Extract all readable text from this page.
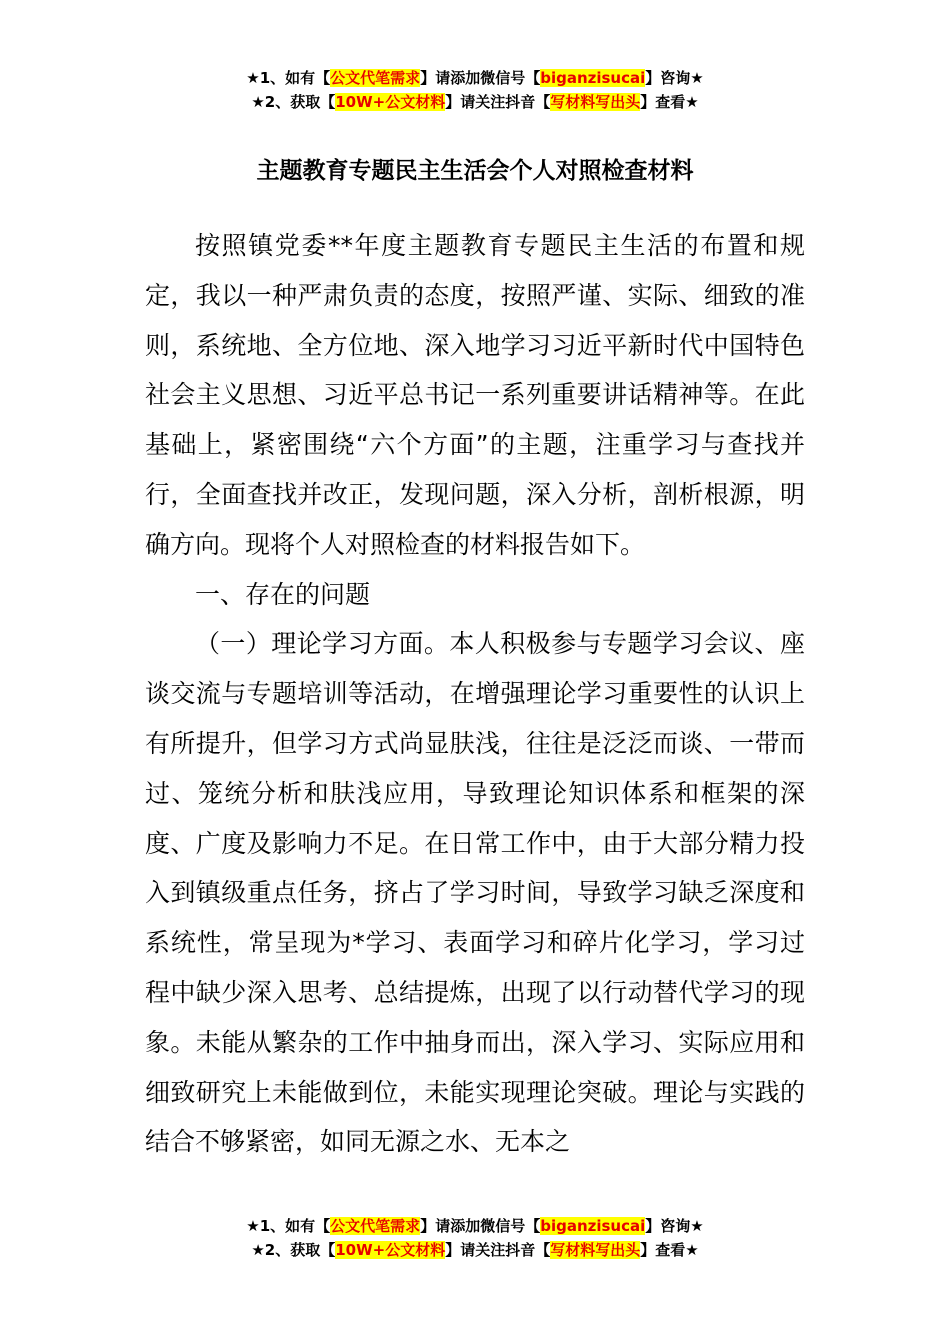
★1、如有【公文代笔需求】请添加微信号【biganzisucai】咨询★
★2、获取【10W+公文材料】请关注抖音【写材料写出头】查看★
主题教育专题民主生活会个人对照检查材料

按照镇党委**年度主题教育专题民主生活的布置和规定，我以一种严肃负责的态度，按照严谨、实际、细致的准则，系统地、全方位地、深入地学习习近平新时代中国特色社会主义思想、习近平总书记一系列重要讲话精神等。在此基础上，紧密围绕“六个方面”的主题，注重学习与查找并行，全面查找并改正，发现问题，深入分析，剖析根源，明确方向。现将个人对照检查的材料报告如下。

一、存在的问题

（一）理论学习方面。本人积极参与专题学习会议、座谈交流与专题培训等活动，在增强理论学习重要性的认识上有所提升，但学习方式尚显肤浅，往往是泛泛而谈、一带而过、笼统分析和肤浅应用，导致理论知识体系和框架的深度、广度及影响力不足。在日常工作中，由于大部分精力投入到镇级重点任务，挤占了学习时间，导致学习缺乏深度和系统性，常呈现为*学习、表面学习和碎片化学习，学习过程中缺少深入思考、总结提炼，出现了以行动替代学习的现象。未能从繁杂的工作中抽身而出，深入学习、实际应用和细致研究上未能做到位，未能实现理论突破。理论与实践的结合不够紧密，如同无源之水、无本之

★1、如有【公文代笔需求】请添加微信号【biganzisucai】咨询★
★2、获取【10W+公文材料】请关注抖音【写材料写出头】查看★
